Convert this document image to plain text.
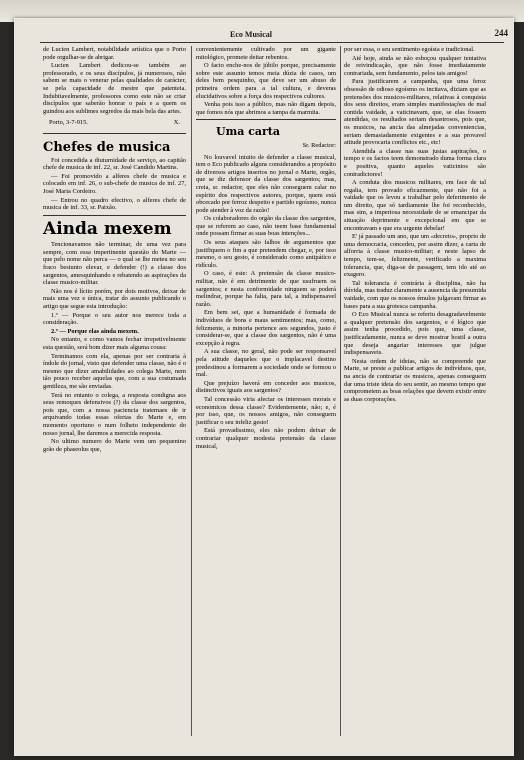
Eco Musical	244

de Lucien Lambert, notabilidade artística que o Porto pode orgulhar-se de abrigar.

Lucien Lambert dedicou-se também ao professorado, e os seus discípulos, já numerosos, não sabem se mais o venerar pelas qualidades de carácter, se pela capacidade de mestre que patenteia. Indubitavelmente, professores como este não se criar discípulos que saberão honrar o país e a quem os guindou aos sublimes segredos da mais bela das artes.

Porto, 3-7-915.	X.
Chefes de musica

Foi concedida a diuturnidade de serviço, ao capitão chefe de musica de inf. 22, sr. José Candido Martins.

— Foi promovido a alferes chefe de musica e colocado em inf. 26, o sub-chefe de musica de inf. 27, José Maria Cordeiro.

— Entrou no quadro efectivo, o alferes chefe de musica de inf. 33, sr. Paixão.

Ainda mexem

Tencionavamos não terminar, de uma vez para sempre, com essa impertinente questão do Marte — que pelo nome não perca — o qual se lhe meteu no seu fraco bestunto elevar, e defender (!) a classe dos sargentos, amesquinhando e rebatendo as aspirações da classe musico-militar.

Não nos é lícito porém, por dois motivos, deixar de mais uma vez e única, tratar do assunto publicando o artigo que segue esta introdução:

1.º — Porque o seu autor nos merece toda a consideração.

2.º — Porque elas ainda mexem.

No entanto, e como vamos fechar irrepetivelmente esta questão, será bom dizer mais alguma cousa:

Terminamos com ela, apenas por ser contraria à índole do jornal, visto que defender uma classe, não é o mesmo que dizer amabilidades ao colega Marte, nem tão pouco receber aquelas que, com a sua costumada gentileza, me são enviadas.

Terá no entanto o colega, a resposta condigna aos seus remoques defensivos (?) da classe dos sargentos, pois que, com a nossa paciencia traternaes de ir arquivando todas essas ofertas do Marte e, em momento oportuno o num folheto independente do nosso jornal, lhe daremos a merecida resposta.

No ultimo numero do Marte vem um pequenino grão de phaseolus que,

convenientemente cultivado por um gigante mitológico, promete deitar rebentos.

O facto enche-nos de júbilo porque, precisamente sobre este assunto temos meia dúzia de casos, um deles bem pesquinho, que deve ser um abuso de primeira ordem para a tal cultura, e deveras elucidativos sobre a força dos respectivos cultores.

Venha pois isso a público, mas não digam depois, que fomos nós que abrimos a tampa da marmita.

Uma carta
Sr. Redactor:

No louvavel intuito de defender a classe musical, tem o Eco publicado alguns considerandos a propósito de diversos artigos insertos no jornal o Marte, orgão, que se diz defensor da classe dos sargentos; mas, creia, sr. redactor, que eles não conseguem calar no espírito dos respectivos autores, porque, quem está obcecado por ferroz despeito e partido egoísmo, nunca pode atender à voz da razão!

Os colaboradores do orgão da classe dos sargentos, que se referem ao caso, não teem base fundamental onde possam firmar as suas boas intenções...

Os seus ataques são falhos de argumentos que justifiquem o fim a que pretendem chegar, e, por isso mesmo, o seu gesto, é considerado como antipático e ridículo.

O caso, é este: A pretensão da classe musico-militar, não é em detrimento de que usufruem os sargentos; e nesta conformidade ninguem se poderá melindrar, porque ha falta, para tal, a indispensavel razão.

Em bem sei, que a humanidade é formada de indivíduos de bons e maus sentimentos; mas, como, felizmente, a minoria pertence aos segundos, justo é considerar-se, que a classe dos sargentos, não é uma excepção à regra.

A sua classe, no geral, não pode ser responsavel pela atitude daqueles que o implacavel destino predestinou a formarem a sociedade onde se formou o mal.

Que prejuízo haverá em conceder aos musicos, distinctivos iguais aos sargentos?

Tal concessão viria afectar os interesses morais e economicos dessa classe? Evidentemente, não; e, é por isso, que, os nossos amigos, não conseguem justificar o seu infeliz gesto!

Está provadissimo, eles não podem deixar de contrariar qualquer modesta pretensão da classe musical,

por ser essa, o seu sentimento egoísta e tradicional.

Até hoje, ainda se não esboçou qualquer tentativa de reivindicação, que não fosse imediatamente contrariada, sem fundamento, pelos tais amigos!

Para justificarem a campanha, que uma feroz obsessão de odioso egoísmo os incitava, diziam que as pretensões dos musicos-militares, relativas à conquista dos seus direitos, eram simples manifestações de mal contida vaidade, a vaticinavam, que, se elas fossem atendidas, os resultados seriam desastrosos, pois que, os musicos, na ancia das almejadas conveniencias, seriam demasiadamente exigentes e a sua provavel atitude provocaria conflictos etc., etc!

Atendida a classe nas suas justas aspirações, o tempo e os factos teem demonstrado duma forma clara e positiva, quanto aqueles vaticinios são contradictores!

A conduta dos musicos militares, em face de tal regalia, tem provado eficazmente, que não foi a vaidade que os levou a trabalhar pelo deferimento de um direito, que só tardiamente lhe foi reconhecido, mas sim, a imperiosa necessidade de se emancipar da situação deprimente e excepcional em que se encontravam e que era urgente debelar!

E' já passado um ano, que um «decreto», proprio de uma democracia, concedeu, por assim dizer, a carta de alforria à classe musico-militar; e neste lapso de tempo, tem-se, felizmente, verificado a maxima tolerancia, que, diga-se de passagem, tem ido até ao exagero.

Tal tolerancia é contrária à disciplina, não ha dúvida, mas traduz claramente a ausencia da presumida vaidade, com que os nossos émulos julgavam firmar as bases para a sua grotesca campanha.

O Eco Musical nunca se referiu desagradavelmente a qualquer pretensão dos sargentos, e é lógico que assim tenha procedido, pois que, uma classe, justificadamente, nunca se deve mostrar hostil a outra que deseja angariar interesses que julgue indispensaveis.

Nesta ordem de ideias, não se compreende que Marte, se preste a publicar artigos de indivíduos, que, na ancia de contrariar os musicos, apenas conseguem dar uma triste ideia do seu sentir, ao mesmo tempo que comprometem as boas relações que devem existir entre as duas corporações.
